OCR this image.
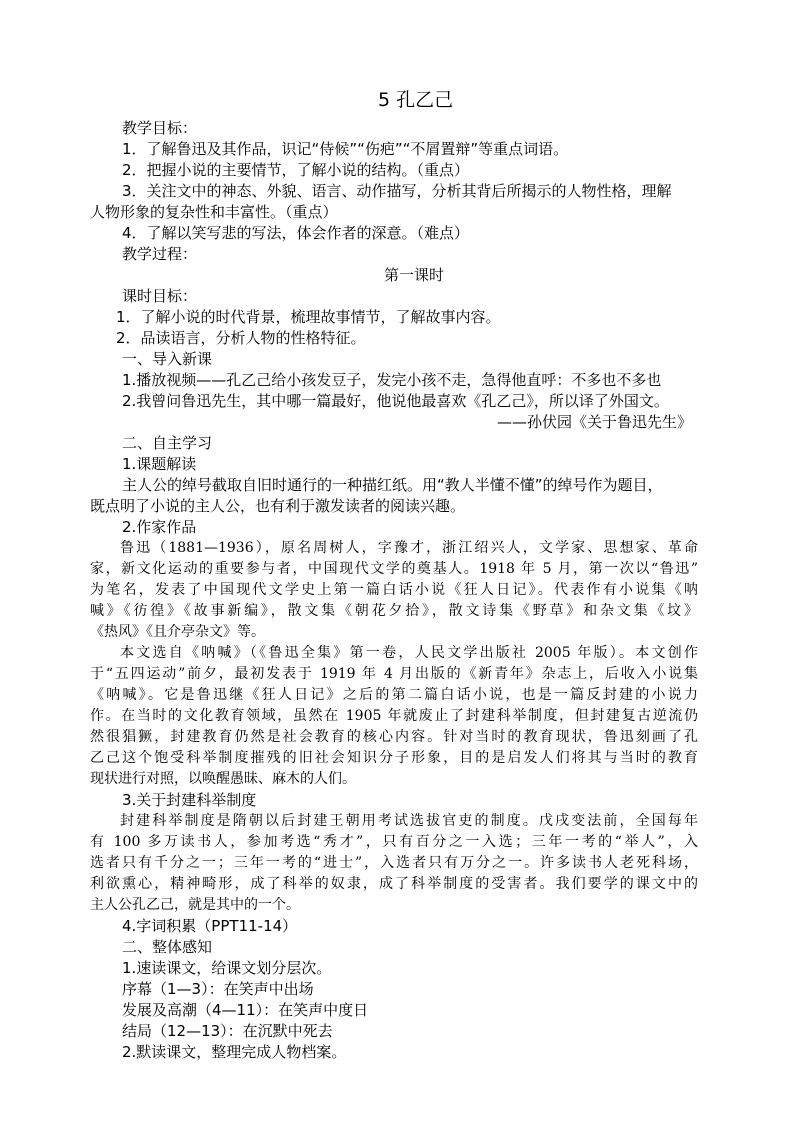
5 孔乙己
教学目标：
1．了解鲁迅及其作品，识记“侍候”“伤疤”“不屑置辩”等重点词语。
2．把握小说的主要情节，了解小说的结构。（重点）
3．关注文中的神态、外貌、语言、动作描写，分析其背后所揭示的人物性格，理解
人物形象的复杂性和丰富性。（重点）
4．了解以笑写悲的写法，体会作者的深意。（难点）
教学过程：
第一课时
课时目标：
1．了解小说的时代背景，梳理故事情节，了解故事内容。
2．品读语言，分析人物的性格特征。
一、导入新课
1.播放视频——孔乙己给小孩发豆子，发完小孩不走，急得他直呼：不多也不多也
2.我曾问鲁迅先生，其中哪一篇最好，他说他最喜欢《孔乙己》，所以译了外国文。
——孙伏园《关于鲁迅先生》
二、自主学习
1.课题解读
主人公的绰号截取自旧时通行的一种描红纸。用“教人半懂不懂”的绰号作为题目，
既点明了小说的主人公，也有利于激发读者的阅读兴趣。
2.作家作品
鲁迅（1881—1936），原名周树人，字豫才，浙江绍兴人，文学家、思想家、革命
家，新文化运动的重要参与者，中国现代文学的奠基人。1918 年 5 月，第一次以“鲁迅”
为笔名，发表了中国现代文学史上第一篇白话小说《狂人日记》。代表作有小说集《呐
喊》《彷徨》《故事新编》，散文集《朝花夕拾》，散文诗集《野草》和杂文集《坟》
《热风》《且介亭杂文》等。
本文选自《呐喊》（《鲁迅全集》第一卷，人民文学出版社 2005 年版）。本文创作
于“五四运动”前夕，最初发表于 1919 年 4 月出版的《新青年》杂志上，后收入小说集
《呐喊》。它是鲁迅继《狂人日记》之后的第二篇白话小说，也是一篇反封建的小说力
作。在当时的文化教育领域，虽然在 1905 年就废止了封建科举制度，但封建复古逆流仍
然很猖獗，封建教育仍然是社会教育的核心内容。针对当时的教育现状，鲁迅刻画了孔
乙己这个饱受科举制度摧残的旧社会知识分子形象，目的是启发人们将其与当时的教育
现状进行对照，以唤醒愚昧、麻木的人们。
3.关于封建科举制度
封建科举制度是隋朝以后封建王朝用考试选拔官吏的制度。戊戌变法前，全国每年
有 100 多万读书人，参加考选“秀才”，只有百分之一入选；三年一考的“举人”，入
选者只有千分之一；三年一考的“进士”，入选者只有万分之一。许多读书人老死科场，
利欲熏心，精神畸形，成了科举的奴隶，成了科举制度的受害者。我们要学的课文中的
主人公孔乙己，就是其中的一个。
4.字词积累（PPT11-14）
二、整体感知
1.速读课文，给课文划分层次。
序幕（1—3）：在笑声中出场
发展及高潮（4—11）：在笑声中度日
结局（12—13）：在沉默中死去
2.默读课文，整理完成人物档案。
